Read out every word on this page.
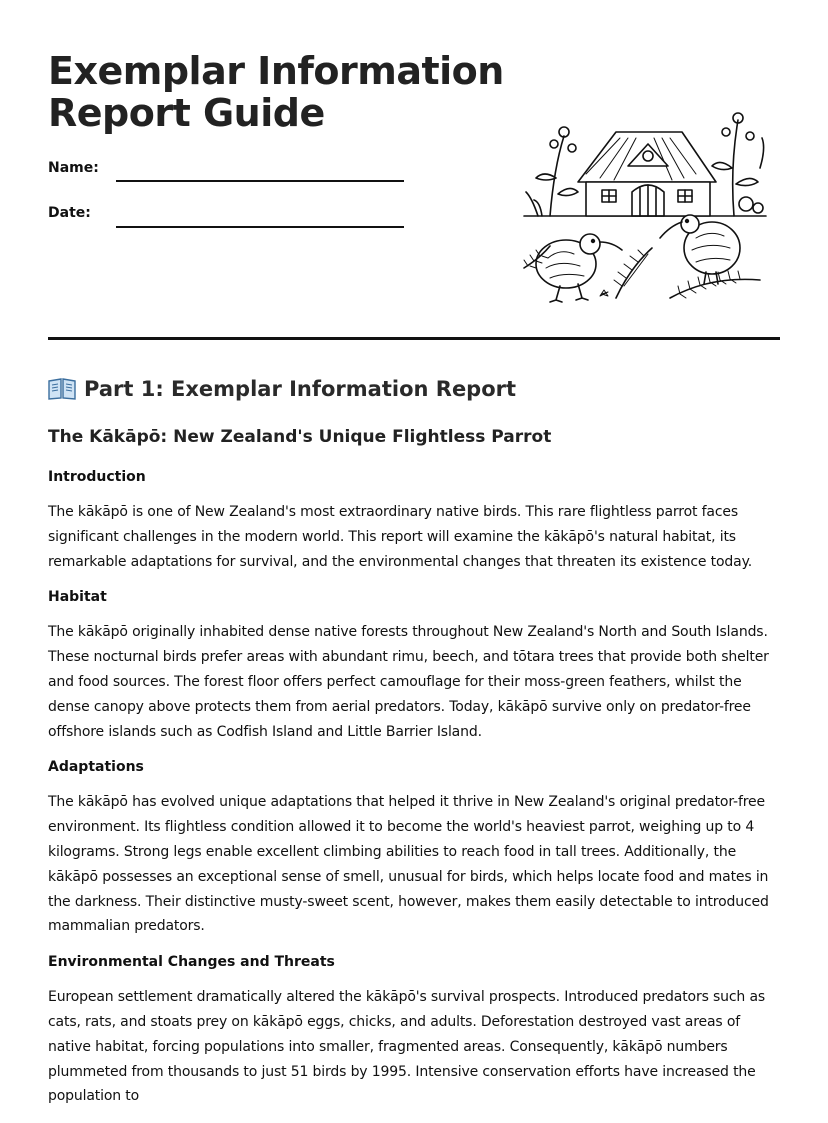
Exemplar Information
Report Guide
Name:
Date:
Part 1: Exemplar Information Report
The Kākāpō: New Zealand's Unique Flightless Parrot
Introduction

The kākāpō is one of New Zealand's most extraordinary native birds. This rare flightless parrot faces significant challenges in the modern world. This report will examine the kākāpō's natural habitat, its remarkable adaptations for survival, and the environmental changes that threaten its existence today.

Habitat

The kākāpō originally inhabited dense native forests throughout New Zealand's North and South Islands. These nocturnal birds prefer areas with abundant rimu, beech, and tōtara trees that provide both shelter and food sources. The forest floor offers perfect camouflage for their moss-green feathers, whilst the dense canopy above protects them from aerial predators. Today, kākāpō survive only on predator-free offshore islands such as Codfish Island and Little Barrier Island.

Adaptations

The kākāpō has evolved unique adaptations that helped it thrive in New Zealand's original predator-free environment. Its flightless condition allowed it to become the world's heaviest parrot, weighing up to 4 kilograms. Strong legs enable excellent climbing abilities to reach food in tall trees. Additionally, the kākāpō possesses an exceptional sense of smell, unusual for birds, which helps locate food and mates in the darkness. Their distinctive musty-sweet scent, however, makes them easily detectable to introduced mammalian predators.

Environmental Changes and Threats

European settlement dramatically altered the kākāpō's survival prospects. Introduced predators such as cats, rats, and stoats prey on kākāpō eggs, chicks, and adults. Deforestation destroyed vast areas of native habitat, forcing populations into smaller, fragmented areas. Consequently, kākāpō numbers plummeted from thousands to just 51 birds by 1995. Intensive conservation efforts have increased the population to
